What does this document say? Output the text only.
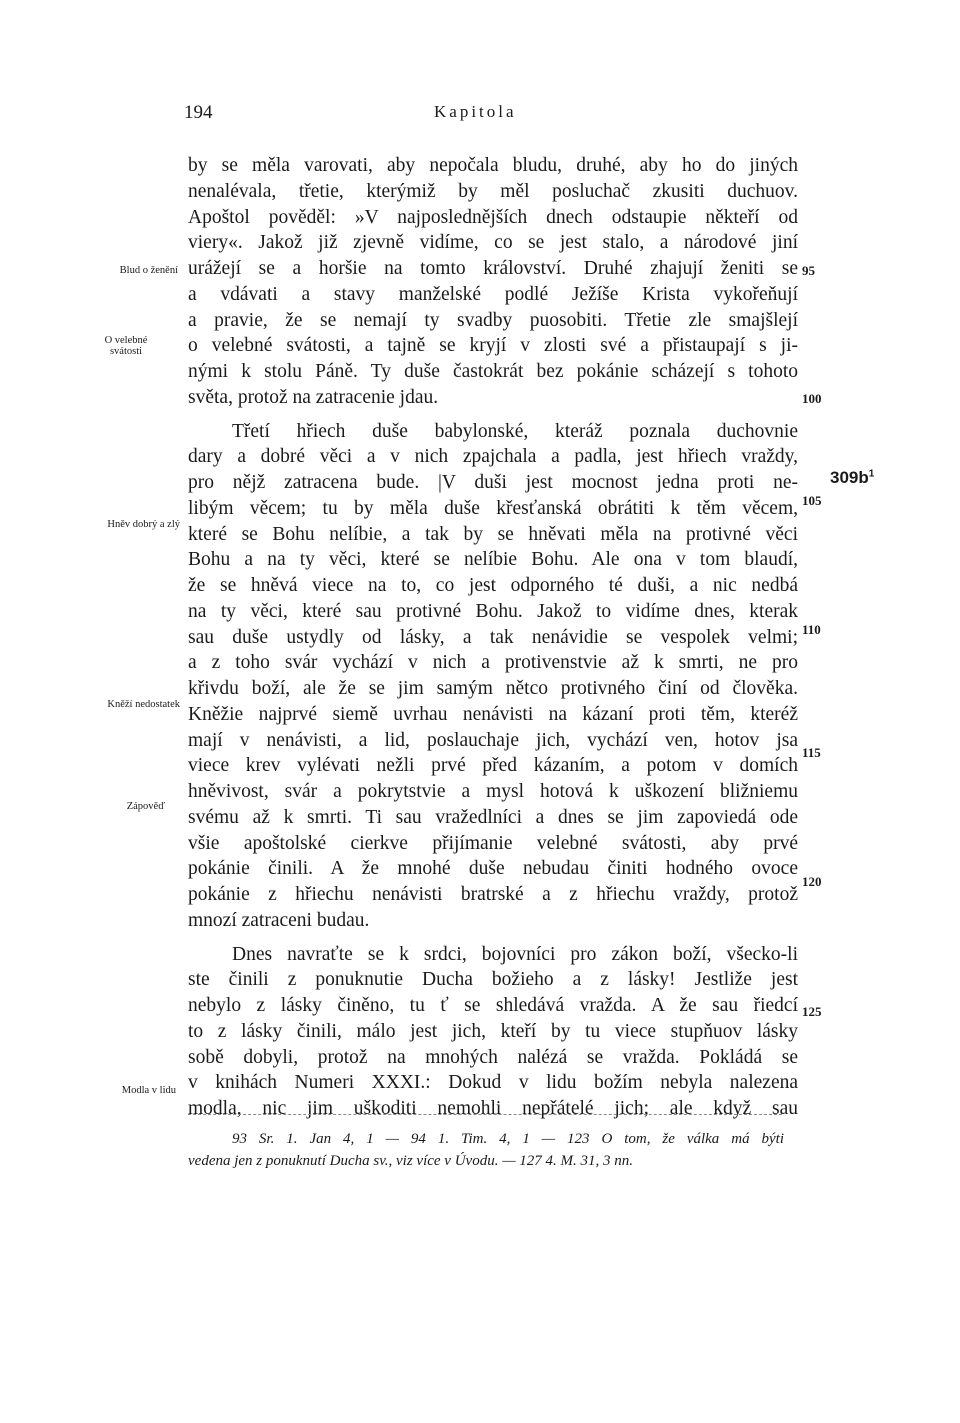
194	Kapitola
by se měla varovati, aby nepočala bludu, druhé, aby ho do jiných
nenalévala, třetie, kterýmiž by měl posluchač zkusiti duchuov.
Apoštol pověděl: »V najposlednějších dnech odstaupie někteří od
viery«. Jakož již zjevně vidíme, co se jest stalo, a národové jiní
urážejí se a horšie na tomto království. Druhé zhajují ženiti se
a vdávati a stavy manželské podlé Ježíše Krista vykořeňují
a pravie, že se nemají ty svadby puosobiti. Třetie zle smajšlejí
o velebné svátosti, a tajně se kryjí v zlosti své a přistaupají s ji-
nými k stolu Páně. Ty duše častokrát bez pokánie scházejí s tohoto
světa, protož na zatracenie jdau.
Třetí hřiech duše babylonské, kteráž poznala duchovnie
dary a dobré věci a v nich zpajchala a padla, jest hřiech vraždy,
pro nějž zatracena bude. |V duši jest mocnost jedna proti ne-
libým věcem; tu by měla duše křesťanská obrátiti k těm věcem,
které se Bohu nelíbie, a tak by se hněvati měla na protivné věci
Bohu a na ty věci, které se nelíbie Bohu. Ale ona v tom blaudí,
že se hněvá viece na to, co jest odporného té duši, a nic nedbá
na ty věci, které sau protivné Bohu. Jakož to vidíme dnes, kterak
sau duše ustydly od lásky, a tak nenávidie se vespolek velmi;
a z toho svár vychází v nich a protivenstvie až k smrti, ne pro
křivdu boží, ale že se jim samým nětco protivného činí od člověka.
Kněžie najprvé siemě uvrhau nenávisti na kázaní proti těm, kteréž
mají v nenávisti, a lid, poslauchaje jich, vychází ven, hotov jsa
viece krev vylévati nežli prvé před kázaním, a potom v domích
hněvivost, svár a pokrytstvie a mysl hotová k uškození bližniemu
svému až k smrti. Ti sau vražedlníci a dnes se jim zapoviedá ode
všie apoštolské cierkve přijímanie velebné svátosti, aby prvé
pokánie činili. A že mnohé duše nebudau činiti hodného ovoce
pokánie z hřiechu nenávisti bratrské a z hřiechu vraždy, protož
mnozí zatraceni budau.
Dnes navraťte se k srdci, bojovníci pro zákon boží, všecko-li
ste činili z ponuknutie Ducha božieho a z lásky! Jestliže jest
nebylo z lásky činěno, tu ť se shledává vražda. A že sau řiedcí
to z lásky činili, málo jest jich, kteří by tu viece stupňuov lásky
sobě dobyli, protož na mnohých nalézá se vražda. Pokládá se
v knihách Numeri XXXI.: Dokud v lidu božím nebyla nalezena
modla, nic jim uškoditi nemohli nepřátelé jich; ale když sau
Blud o ženění
O velebné svátosti
Hněv dobrý a zlý
Kněží nedostatek
Zápověď
Modla v lidu
95
100
105
110
115
120
125
$309b^1$
93 Sr. 1. Jan 4, 1 — 94 1. Tim. 4, 1 — 123 O tom, že válka má býti
vedena jen z ponuknutí Ducha sv., viz více v Úvodu. — 127 4. M. 31, 3 nn.
